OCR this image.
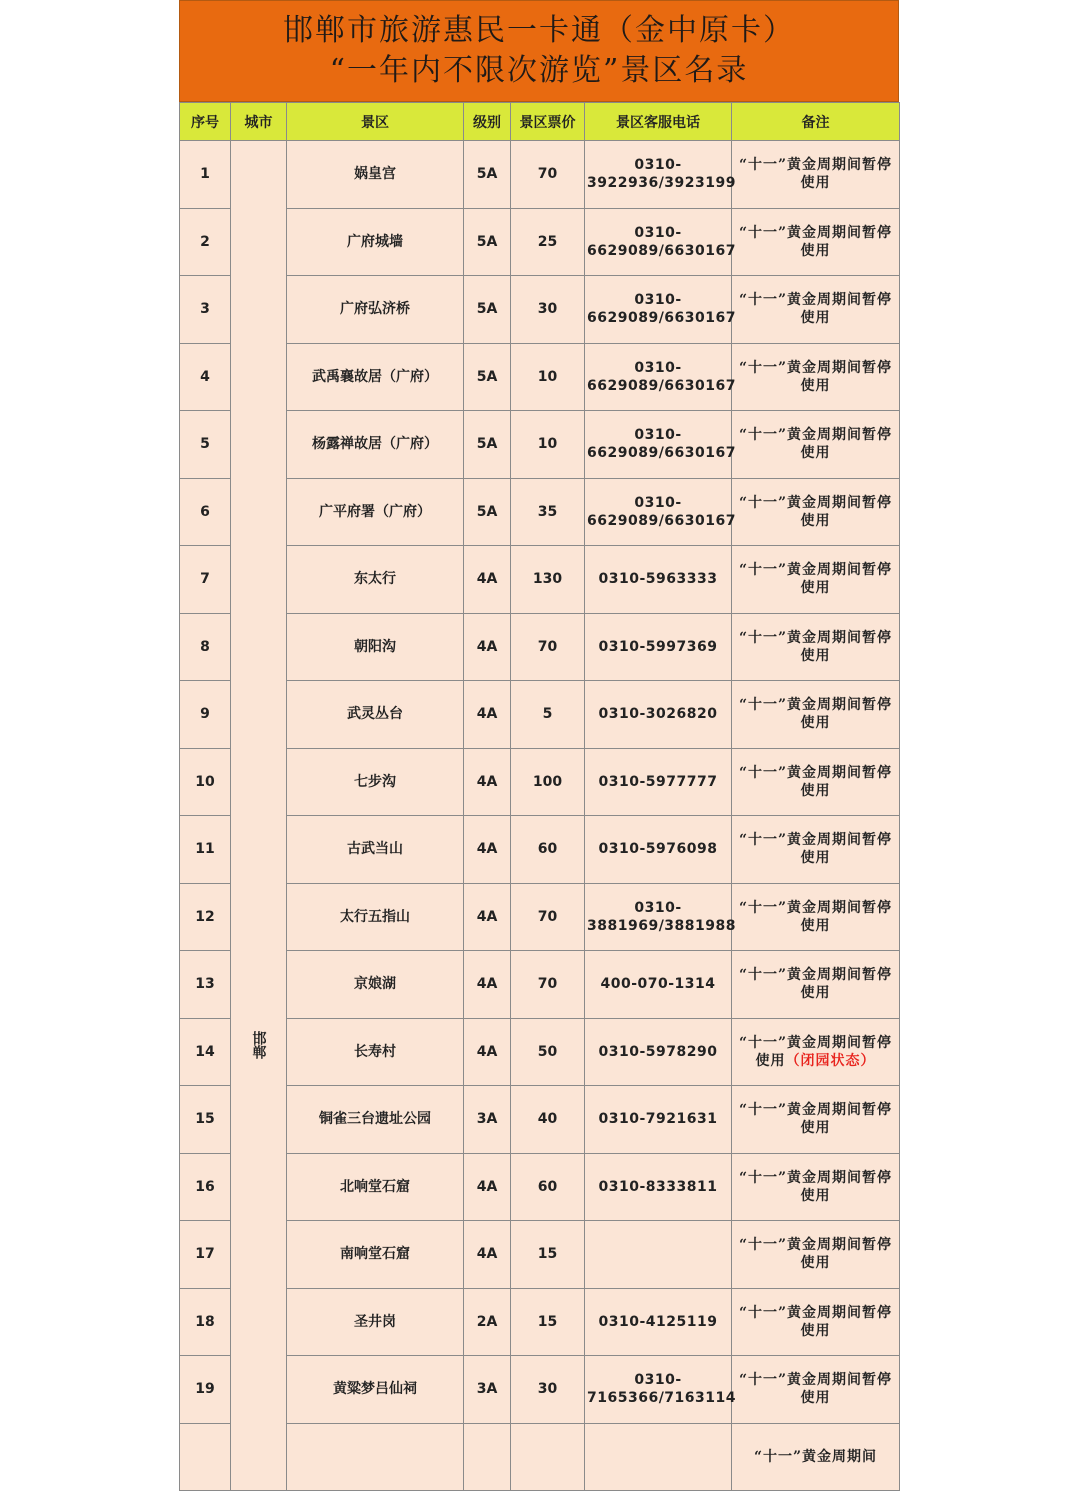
邯郸市旅游惠民一卡通（金中原卡）
“一年内不限次游览”景区名录
序号	城市	景区	级别	景区票价	景区客服电话	备注
1	邯郸	娲皇宫	5A	70	0310-3922936/3923199	“十一”黄金周期间暂停使用
2		广府城墙	5A	25	0310-6629089/6630167	“十一”黄金周期间暂停使用
3		广府弘济桥	5A	30	0310-6629089/6630167	“十一”黄金周期间暂停使用
4		武禹襄故居（广府）	5A	10	0310-6629089/6630167	“十一”黄金周期间暂停使用
5		杨露禅故居（广府）	5A	10	0310-6629089/6630167	“十一”黄金周期间暂停使用
6		广平府署（广府）	5A	35	0310-6629089/6630167	“十一”黄金周期间暂停使用
7		东太行	4A	130	0310-5963333	“十一”黄金周期间暂停使用
8		朝阳沟	4A	70	0310-5997369	“十一”黄金周期间暂停使用
9		武灵丛台	4A	5	0310-3026820	“十一”黄金周期间暂停使用
10		七步沟	4A	100	0310-5977777	“十一”黄金周期间暂停使用
11		古武当山	4A	60	0310-5976098	“十一”黄金周期间暂停使用
12		太行五指山	4A	70	0310-3881969/3881988	“十一”黄金周期间暂停使用
13		京娘湖	4A	70	400-070-1314	“十一”黄金周期间暂停使用
14		长寿村	4A	50	0310-5978290	“十一”黄金周期间暂停使用（闭园状态）
15		铜雀三台遗址公园	3A	40	0310-7921631	“十一”黄金周期间暂停使用
16		北响堂石窟	4A	60	0310-8333811	“十一”黄金周期间暂停使用
17		南响堂石窟	4A	15		“十一”黄金周期间暂停使用
18		圣井岗	2A	15	0310-4125119	“十一”黄金周期间暂停使用
19		黄粱梦吕仙祠	3A	30	0310-7165366/7163114	“十一”黄金周期间暂停使用
						“十一”黄金周期间
